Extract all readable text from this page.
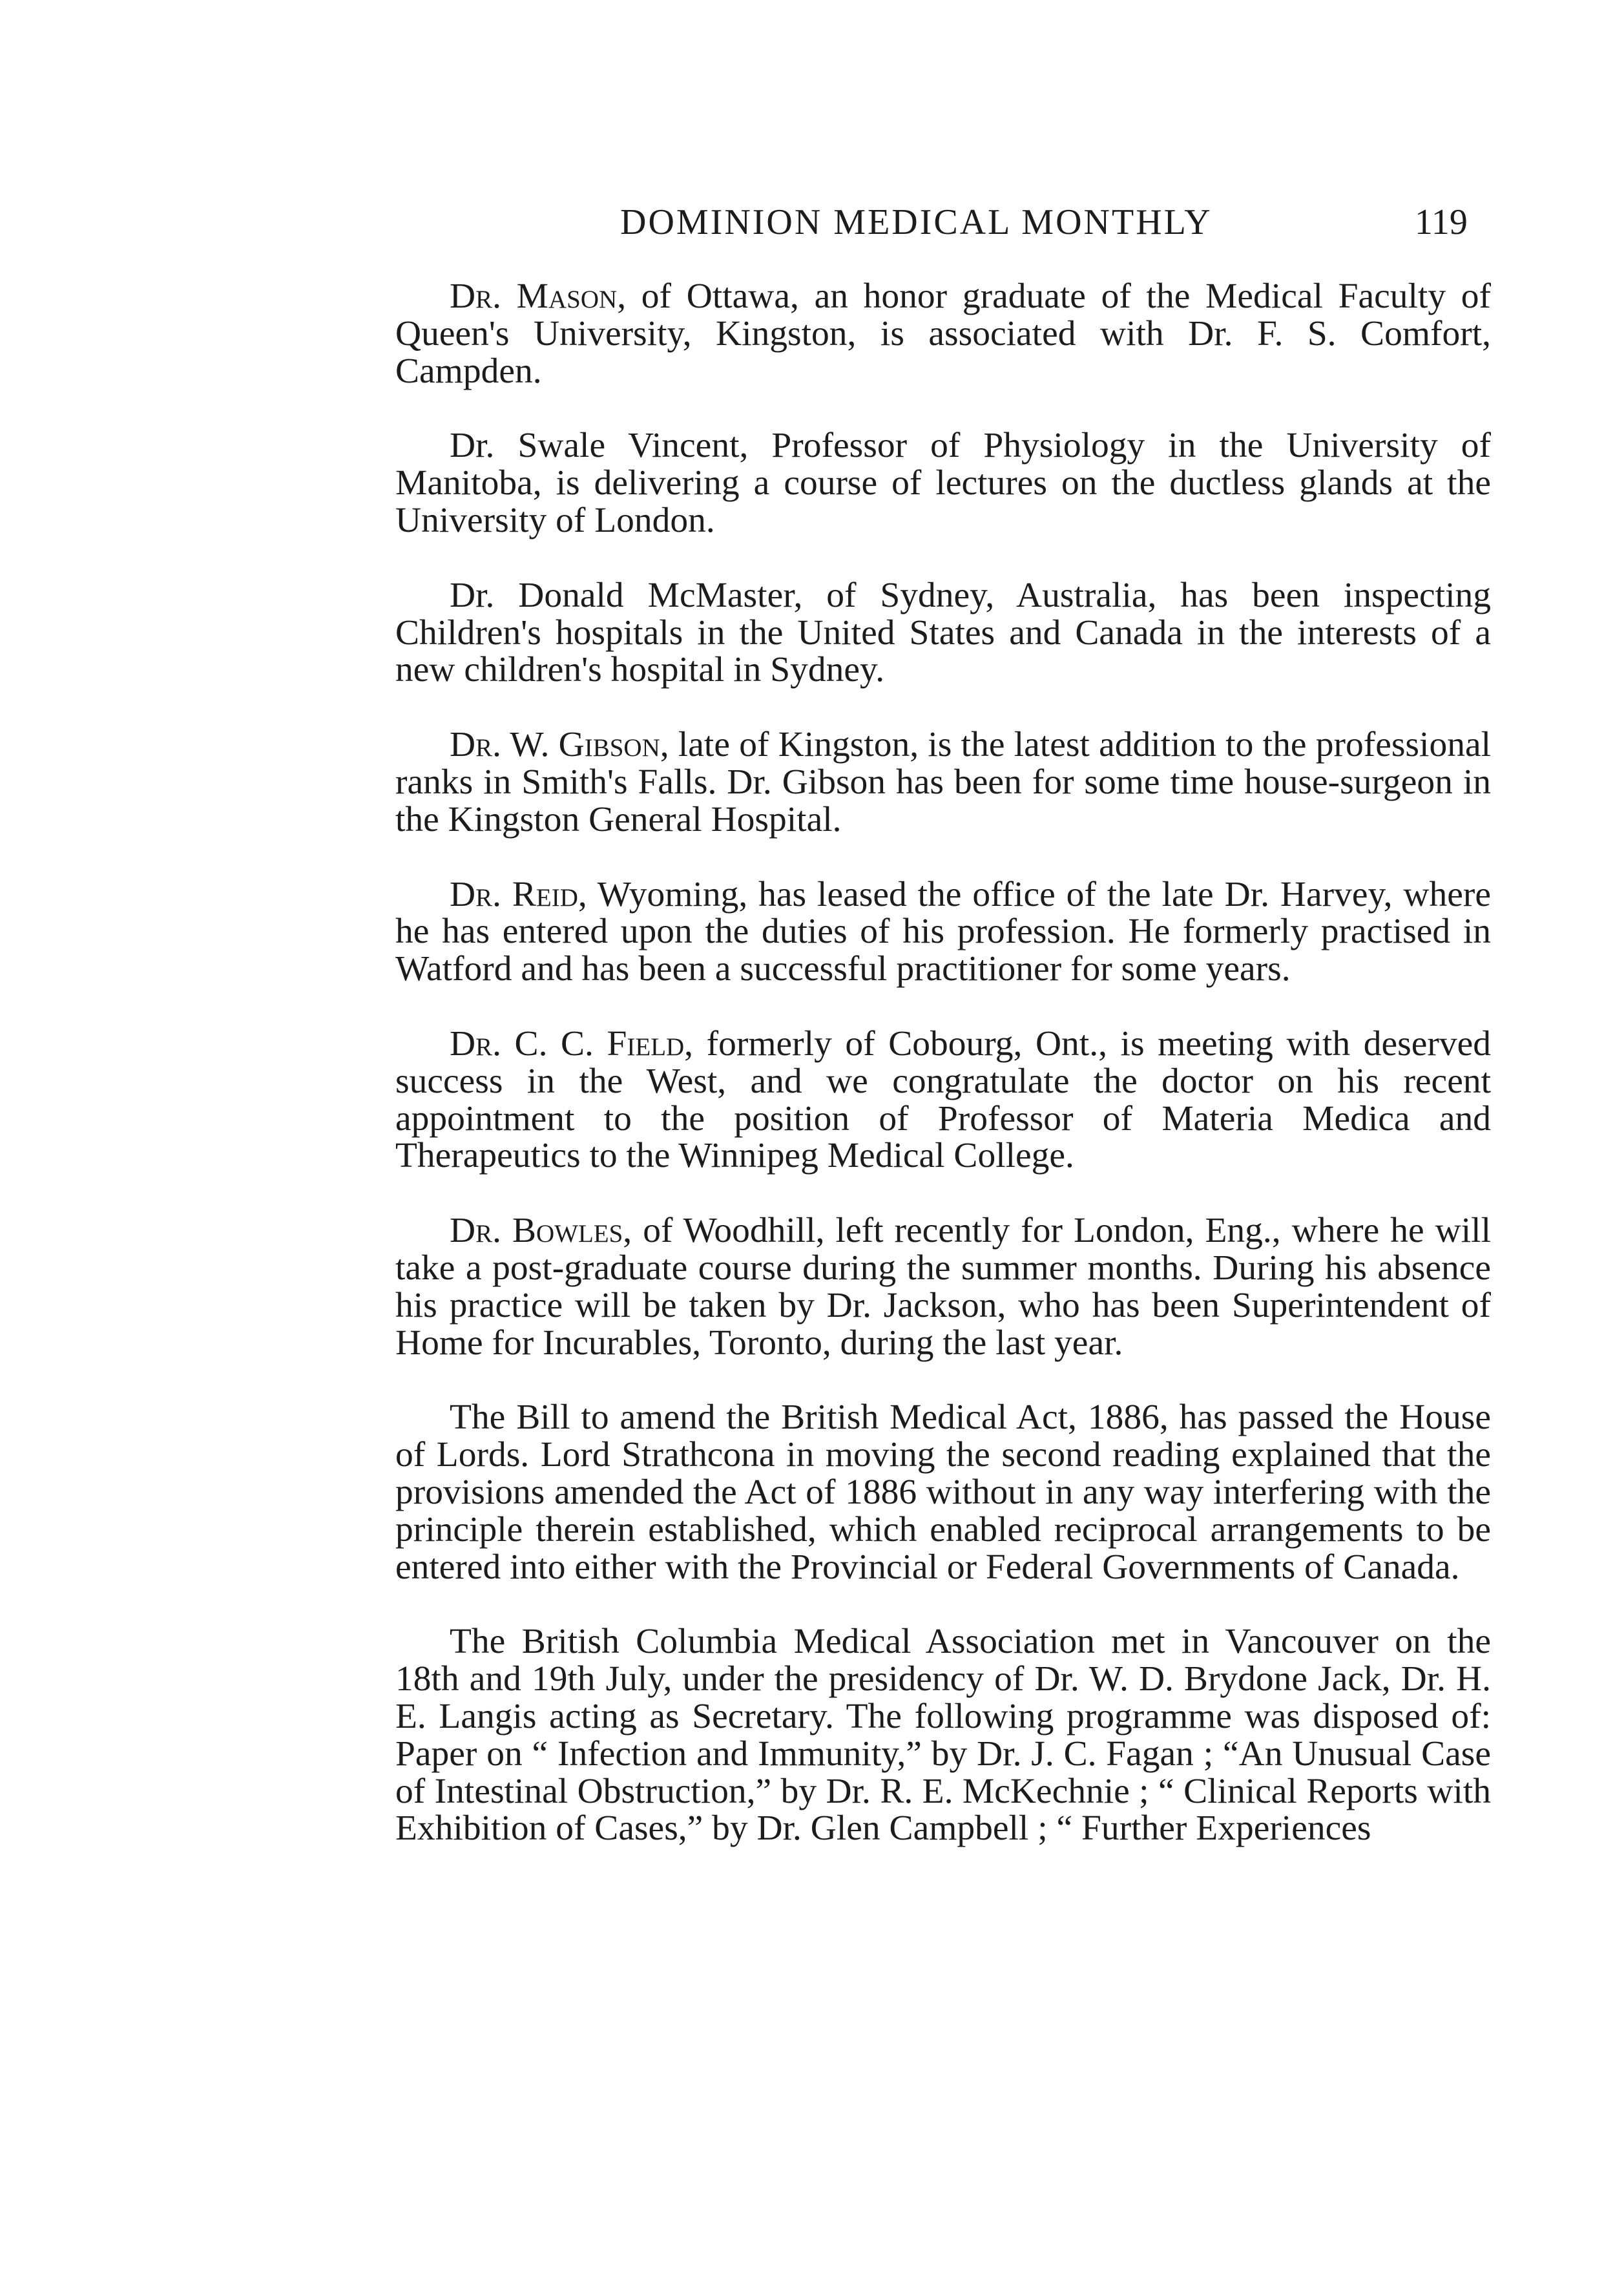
DOMINION MEDICAL MONTHLY	119

Dr. Mason, of Ottawa, an honor graduate of the Medical Faculty of Queen's University, Kingston, is associated with Dr. F. S. Comfort, Campden.

Dr. Swale Vincent, Professor of Physiology in the University of Manitoba, is delivering a course of lectures on the ductless glands at the University of London.

Dr. Donald McMaster, of Sydney, Australia, has been inspecting Children's hospitals in the United States and Canada in the interests of a new children's hospital in Sydney.

Dr. W. Gibson, late of Kingston, is the latest addition to the professional ranks in Smith's Falls. Dr. Gibson has been for some time house-surgeon in the Kingston General Hospital.

Dr. Reid, Wyoming, has leased the office of the late Dr. Harvey, where he has entered upon the duties of his profession. He formerly practised in Watford and has been a successful practitioner for some years.

Dr. C. C. Field, formerly of Cobourg, Ont., is meeting with deserved success in the West, and we congratulate the doctor on his recent appointment to the position of Professor of Materia Medica and Therapeutics to the Winnipeg Medical College.

Dr. Bowles, of Woodhill, left recently for London, Eng., where he will take a post-graduate course during the summer months. During his absence his practice will be taken by Dr. Jackson, who has been Superintendent of Home for Incurables, Toronto, during the last year.

The Bill to amend the British Medical Act, 1886, has passed the House of Lords. Lord Strathcona in moving the second reading explained that the provisions amended the Act of 1886 without in any way interfering with the principle therein established, which enabled reciprocal arrangements to be entered into either with the Provincial or Federal Governments of Canada.

The British Columbia Medical Association met in Vancouver on the 18th and 19th July, under the presidency of Dr. W. D. Brydone Jack, Dr. H. E. Langis acting as Secretary. The following programme was disposed of: Paper on “ Infection and Immunity,” by Dr. J. C. Fagan ; “An Unusual Case of Intestinal Obstruction,” by Dr. R. E. McKechnie ; “ Clinical Reports with Exhibition of Cases,” by Dr. Glen Campbell ; “ Further Experiences
